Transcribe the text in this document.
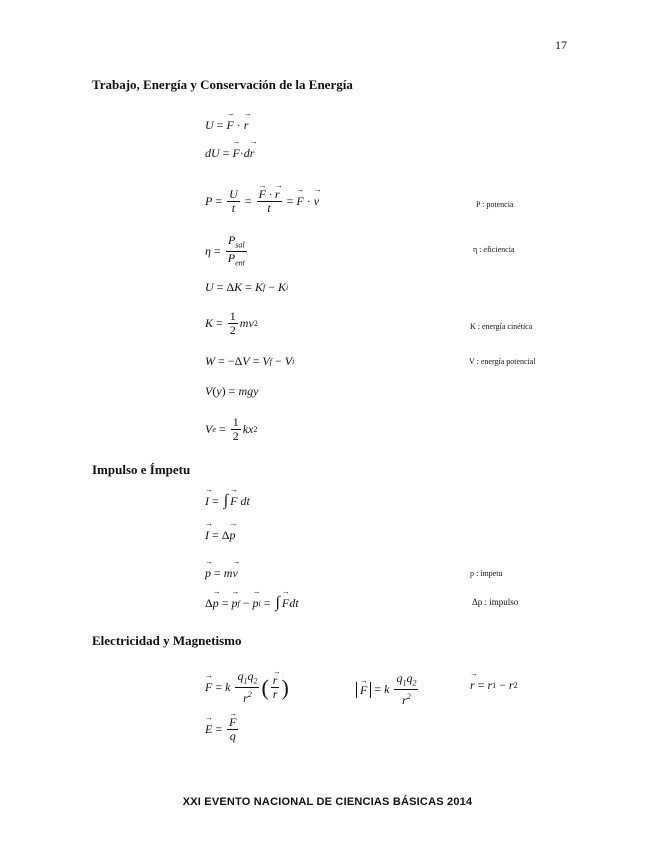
17
Trabajo, Energía y Conservación de la Energía
U = F → · r →
dU = F → · d r →
$P = \frac{U}{t} = \frac{F \to \cdot r \to}{t} = F$ → · v →	P : potencia
$\eta = \frac{P_{sal}}{P_{ent}}$	η : eficiencia
U = Δ K = K f − K i
$K = \frac{1}{2}$ mv 2	K : energía cinética
W = −Δ V = V f − V i	V : energía potencial
V ( y ) = mgy
V $e = \frac{1}{2}$ kx 2
Impulso e Ímpetu
I → = ∫ F →
dt
I → = Δ p →
p → = m v →	p : ímpetu
Δ p → = p → f − p → i = ∫ F → dt	Δp : impulso
Electricidad y Magnetismo
F → = k
$\frac{q_1q_2}{r^2}$ ( $\frac{r \to}{r}$ )	F → = k
$\frac{q_1q_2}{r^2}$	r → = r 1 − r 2
E → = $\frac{F \to}{q}$
XXI EVENTO NACIONAL DE CIENCIAS BÁSICAS 2014
